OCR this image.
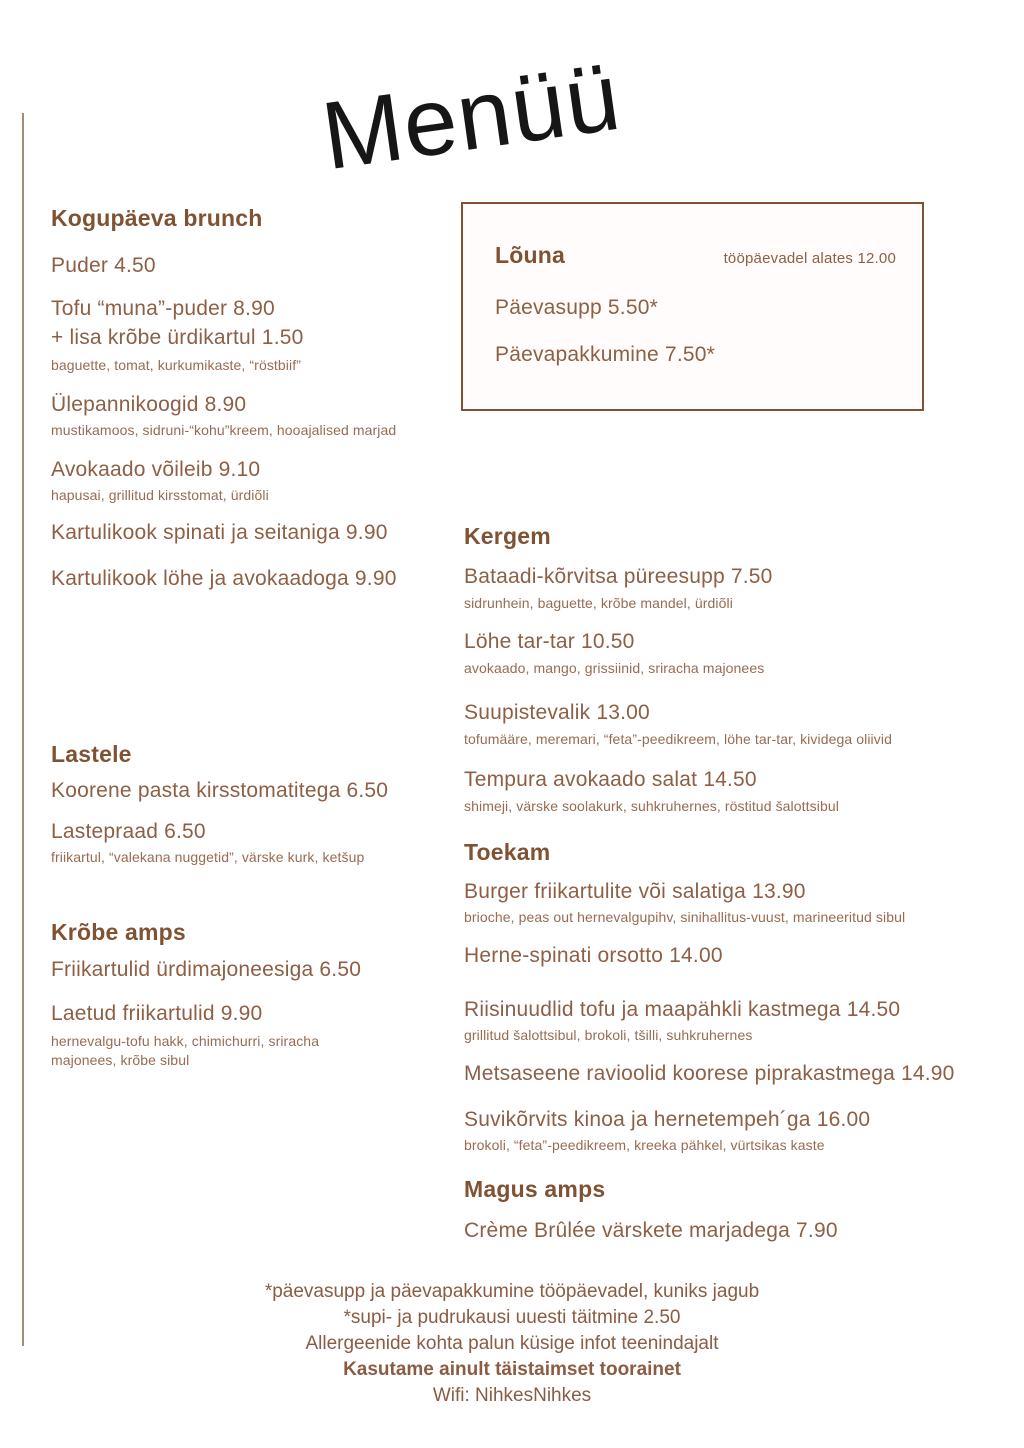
Menüü
Kogupäeva brunch
Puder 4.50
Tofu “muna”-puder 8.90
+ lisa krõbe ürdikartul 1.50
baguette, tomat, kurkumikaste, “röstbiif”
Ülepannikoogid 8.90
mustikamoos, sidruni-“kohu”kreem, hooajalised marjad
Avokaado võileib 9.10
hapusai, grillitud kirsstomat, ürdiõli
Kartulikook spinati ja seitaniga 9.90
Kartulikook löhe ja avokaadoga 9.90
Lastele
Koorene pasta kirsstomatitega 6.50
Lastepraad 6.50
friikartul, “valekana nuggetid”, värske kurk, ketšup
Krõbe amps
Friikartulid ürdimajoneesiga 6.50
Laetud friikartulid 9.90
hernevalgu-tofu hakk, chimichurri, sriracha
majonees, krõbe sibul
Lõuna	tööpäevadel alates 12.00
Päevasupp 5.50*
Päevapakkumine 7.50*
Kergem
Bataadi-kõrvitsa püreesupp 7.50
sidrunhein, baguette, krõbe mandel, ürdiõli
Löhe tar-tar 10.50
avokaado, mango, grissiinid, sriracha majonees
Suupistevalik 13.00
tofumääre, meremari, “feta”-peedikreem, löhe tar-tar, kividega oliivid
Tempura avokaado salat 14.50
shimeji, värske soolakurk, suhkruhernes, röstitud šalottsibul
Toekam
Burger friikartulite või salatiga 13.90
brioche, peas out hernevalgupihv, sinihallitus-vuust, marineeritud sibul
Herne-spinati orsotto 14.00
Riisinuudlid tofu ja maapähkli kastmega 14.50
grillitud šalottsibul, brokoli, tšilli, suhkruhernes
Metsaseene ravioolid koorese piprakastmega 14.90
Suvikõrvits kinoa ja hernetempeh´ga 16.00
brokoli, “feta”-peedikreem, kreeka pähkel, vürtsikas kaste
Magus amps
Crème Brûlée värskete marjadega 7.90
*päevasupp ja päevapakkumine tööpäevadel, kuniks jagub
*supi- ja pudrukausi uuesti täitmine 2.50
Allergeenide kohta palun küsige infot teenindajalt
Kasutame ainult täistaimset toorainet
Wifi: NihkesNihkes
